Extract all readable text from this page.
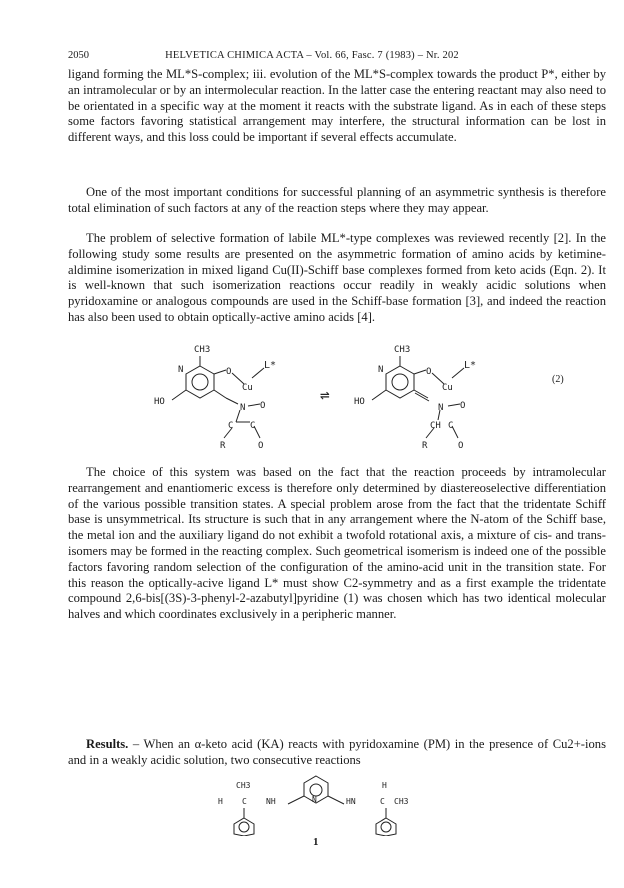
2050	HELVETICA CHIMICA ACTA – Vol. 66, Fasc. 7 (1983) – Nr. 202

ligand forming the ML*S-complex; iii. evolution of the ML*S-complex towards the product P*, either by an intramolecular or by an intermolecular reaction. In the latter case the entering reactant may also need to be orientated in a specific way at the moment it reacts with the substrate ligand. As in each of these steps some factors favoring statistical arrangement may interfere, the structural information can be lost in different ways, and this loss could be important if several effects accumulate.

One of the most important conditions for successful planning of an asymmetric synthesis is therefore total elimination of such factors at any of the reaction steps where they may appear.

The problem of selective formation of labile ML*-type complexes was reviewed recently [2]. In the following study some results are presented on the asymmetric formation of amino acids by ketimine-aldimine isomerization in mixed ligand Cu(II)-Schiff base complexes formed from keto acids (Eqn. 2). It is well-known that such isomerization reactions occur readily in weakly acidic solutions when pyridoxamine or analogous compounds are used in the Schiff-base formation [3], and indeed the reaction has also been used to obtain optically-active amino acids [4].

CH3
N	O
Cu
L*
HO
N O
C C
R	O
⇌
CH3
N	O
Cu
L*
HO
N O
CH C
R	O
(2)

The choice of this system was based on the fact that the reaction proceeds by intramolecular rearrangement and enantiomeric excess is therefore only determined by diastereoselective differentiation of the various possible transition states. A special problem arose from the fact that the tridentate Schiff base is unsymmetrical. Its structure is such that in any arrangement where the N-atom of the Schiff base, the metal ion and the auxiliary ligand do not exhibit a twofold rotational axis, a mixture of cis- and trans-isomers may be formed in the reacting complex. Such geometrical isomerism is indeed one of the possible factors favoring random selection of the configuration of the amino-acid unit in the transition state. For this reason the optically-acive ligand L* must show C2-symmetry and as a first example the tridentate compound 2,6-bis[(3S)-3-phenyl-2-azabutyl]pyridine (1) was chosen which has two identical molecular halves and which coordinates exclusively in a peripheric manner.

Results. – When an α-keto acid (KA) reacts with pyridoxamine (PM) in the presence of Cu2+-ions and in a weakly acidic solution, two consecutive reactions

CH3
H C NH	N	HN
H
C CH3
1
